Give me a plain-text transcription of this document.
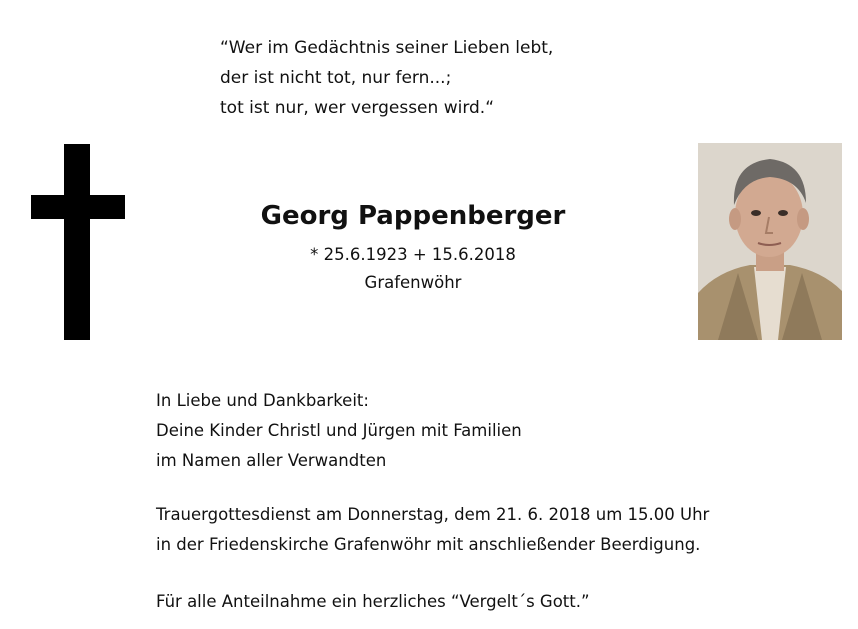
“Wer im Gedächtnis seiner Lieben lebt,
der ist nicht tot, nur fern...;
tot ist nur, wer vergessen wird.“
Georg Pappenberger
* 25.6.1923 + 15.6.2018
Grafenwöhr
In Liebe und Dankbarkeit:
Deine Kinder Christl und Jürgen mit Familien
im Namen aller Verwandten
Trauergottesdienst am Donnerstag, dem 21. 6. 2018 um 15.00 Uhr
in der Friedenskirche Grafenwöhr mit anschließender Beerdigung.
Für alle Anteilnahme ein herzliches “Vergelt´s Gott.”
